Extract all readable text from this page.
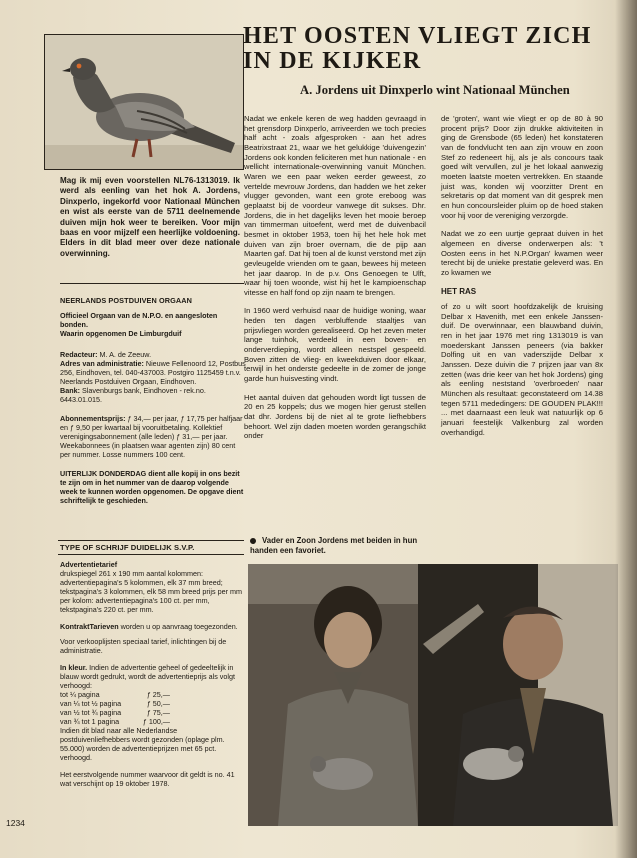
Mag ik mij even voorstellen NL76-1313019. Ik werd als eenling van het hok A. Jordens, Dinxperlo, ingekorfd voor Nationaal München en wist als eerste van de 5711 deelnemende duiven mijn hok weer te bereiken. Voor mijn baas en voor mijzelf een heerlijke voldoening. Elders in dit blad meer over deze nationale overwinning.

NEERLANDS POSTDUIVEN ORGAAN

Officieel Orgaan van de N.P.O. en aangesloten bonden.

Waarin opgenomen De Limburgduif

Redacteur: M. A. de Zeeuw.

Adres van administratie: Nieuwe Fellenoord 12, Postbus 256, Eindhoven, tel. 040-437003. Postgiro 1125459 t.n.v. Neerlands Postduiven Orgaan, Eindhoven.

Bank: Slavenburgs bank, Eindhoven - rek.no. 6443.01.015.

Abonnementsprijs: ƒ 34,— per jaar, ƒ 17,75 per halfjaar en ƒ 9,50 per kwartaal bij vooruitbetaling. Kollektief verenigingsabonnement (alle leden) ƒ 31,— per jaar. Weekabonnees (in plaatsen waar agenten zijn) 80 cent per nummer. Losse nummers 100 cent.

UITERLIJK DONDERDAG dient alle kopij in ons bezit te zijn om in het nummer van de daarop volgende week te kunnen worden opgenomen. De opgave dient schriftelijk te geschieden.

TYPE OF SCHRIJF DUIDELIJK S.V.P.

Advertentietarief

drukspiegel 261 x 190 mm aantal kolommen: advertentiepagina's 5 kolommen, elk 37 mm breed; tekstpagina's 3 kolommen, elk 58 mm breed prijs per mm per kolom: advertentiepagina's 100 ct. per mm, tekstpagina's 220 ct. per mm.

KontraktTarieven worden u op aanvraag toegezonden.

Voor verkooplijsten speciaal tarief, inlichtingen bij de administratie.

In kleur. Indien de advertentie geheel of gedeeltelijk in blauw wordt gedrukt, wordt de advertentieprijs als volgt verhoogd:

tot ¼ pagina	ƒ 25,—
van ¼ tot ½ pagina	ƒ 50,—
van ½ tot ¾ pagina	ƒ 75,—
van ¾ tot 1 pagina	ƒ 100,—

Indien dit blad naar alle Nederlandse postduivenliefhebbers wordt gezonden (oplage plm. 55.000) worden de advertentieprijzen met 65 pct. verhoogd.

Het eerstvolgende nummer waarvoor dit geldt is no. 41 wat verschijnt op 19 oktober 1978.

1234
HET OOSTEN VLIEGT ZICH
IN DE KIJKER
A. Jordens uit Dinxperlo wint Nationaal München

Nadat we enkele keren de weg hadden gevraagd in het grensdorp Dinxperlo, arriveerden we toch precies half acht - zoals afgesproken - aan het adres Beatrixstraat 21, waar we het gelukkige 'duivengezin' Jordens ook konden feliciteren met hun nationale - en wellicht internationale-overwinning vanuit München. Waren we een paar weken eerder geweest, zo vertelde mevrouw Jordens, dan hadden we het zeker vlugger gevonden, want een grote ereboog was geplaatst bij de voordeur vanwege dit sukses. Dhr. Jordens, die in het dagelijks leven het mooie beroep van timmerman uitoefent, werd met de duivenbacil besmet in oktober 1953, toen hij het hele hok met duiven van zijn broer overnam, die de pijp aan Maarten gaf. Dat hij toen al de kunst verstond met zijn gevleugelde vrienden om te gaan, bewees hij meteen het jaar daarop. In de p.v. Ons Genoegen te Ulft, waar hij toen woonde, wist hij het le kampioenschap vitesse en half fond op zijn naam te brengen.

In 1960 werd verhuisd naar de huidige woning, waar heden ten dagen verbluffende staaltjes van prijsvliegen worden gerealiseerd. Op het zeven meter lange tuinhok, verdeeld in een boven- en onderverdieping, wordt alleen nestspel gespeeld. Boven zitten de vlieg- en kweekduiven door elkaar, terwijl in het onderste gedeelte in de zomer de jonge garde hun huisvesting vindt.

Het aantal duiven dat gehouden wordt ligt tussen de 20 en 25 koppels; dus we mogen hier gerust stellen dat dhr. Jordens bij de niet al te grote liefhebbers behoort. Wel zijn daden moeten worden gerangschikt onder

Vader en Zoon Jordens met beiden in hun handen een favoriet.

de 'groten', want wie vliegt er op de 80 à 90 procent prijs? Door zijn drukke aktiviteiten in ging de Grensbode (65 leden) het konstateren van de fondvlucht ten aan zijn vrouw en zoon Stef zo redeneert hij, als je als concours taak goed wilt vervullen, zul je het lokaal aanwezig moeten laatste moeten vertrekken. En staande juist was, konden wij voorzitter Drent en sekretaris op dat moment van dit gesprek men en hun concoursleider pluim op de hoed staken voor hij voor de vereniging verzorgde.

Nadat we zo een uurtje gepraat duiven in het algemeen en diverse onderwerpen als: 't Oosten eens in het N.P.Organ' kwamen weer terecht bij de unieke prestatie geleverd was. En zo kwamen we

HET RAS

of zo u wilt soort hoofdzakelijk de kruising Delbar x Havenith, met een enkele Janssen-duif. De overwinnaar, een blauwband duivin, ren in het jaar 1976 met ring 1313019 is van moederskant Janssen peneers (via bakker Dolfing uit en van vaderszijde Delbar x Janssen. Deze duivin die 7 prijzen jaar van 8x zetten (was drie keer van het hok Jordens) ging als eenling neststand 'overbroeden' naar München als resultaat: geconstateerd om 14.38 tegen 5711 mededingers: DE GOUDEN PLAK!!! ... met daarnaast een leuk wat natuurlijk op 6 januari feestelijk Valkenburg zal worden overhandigd.
